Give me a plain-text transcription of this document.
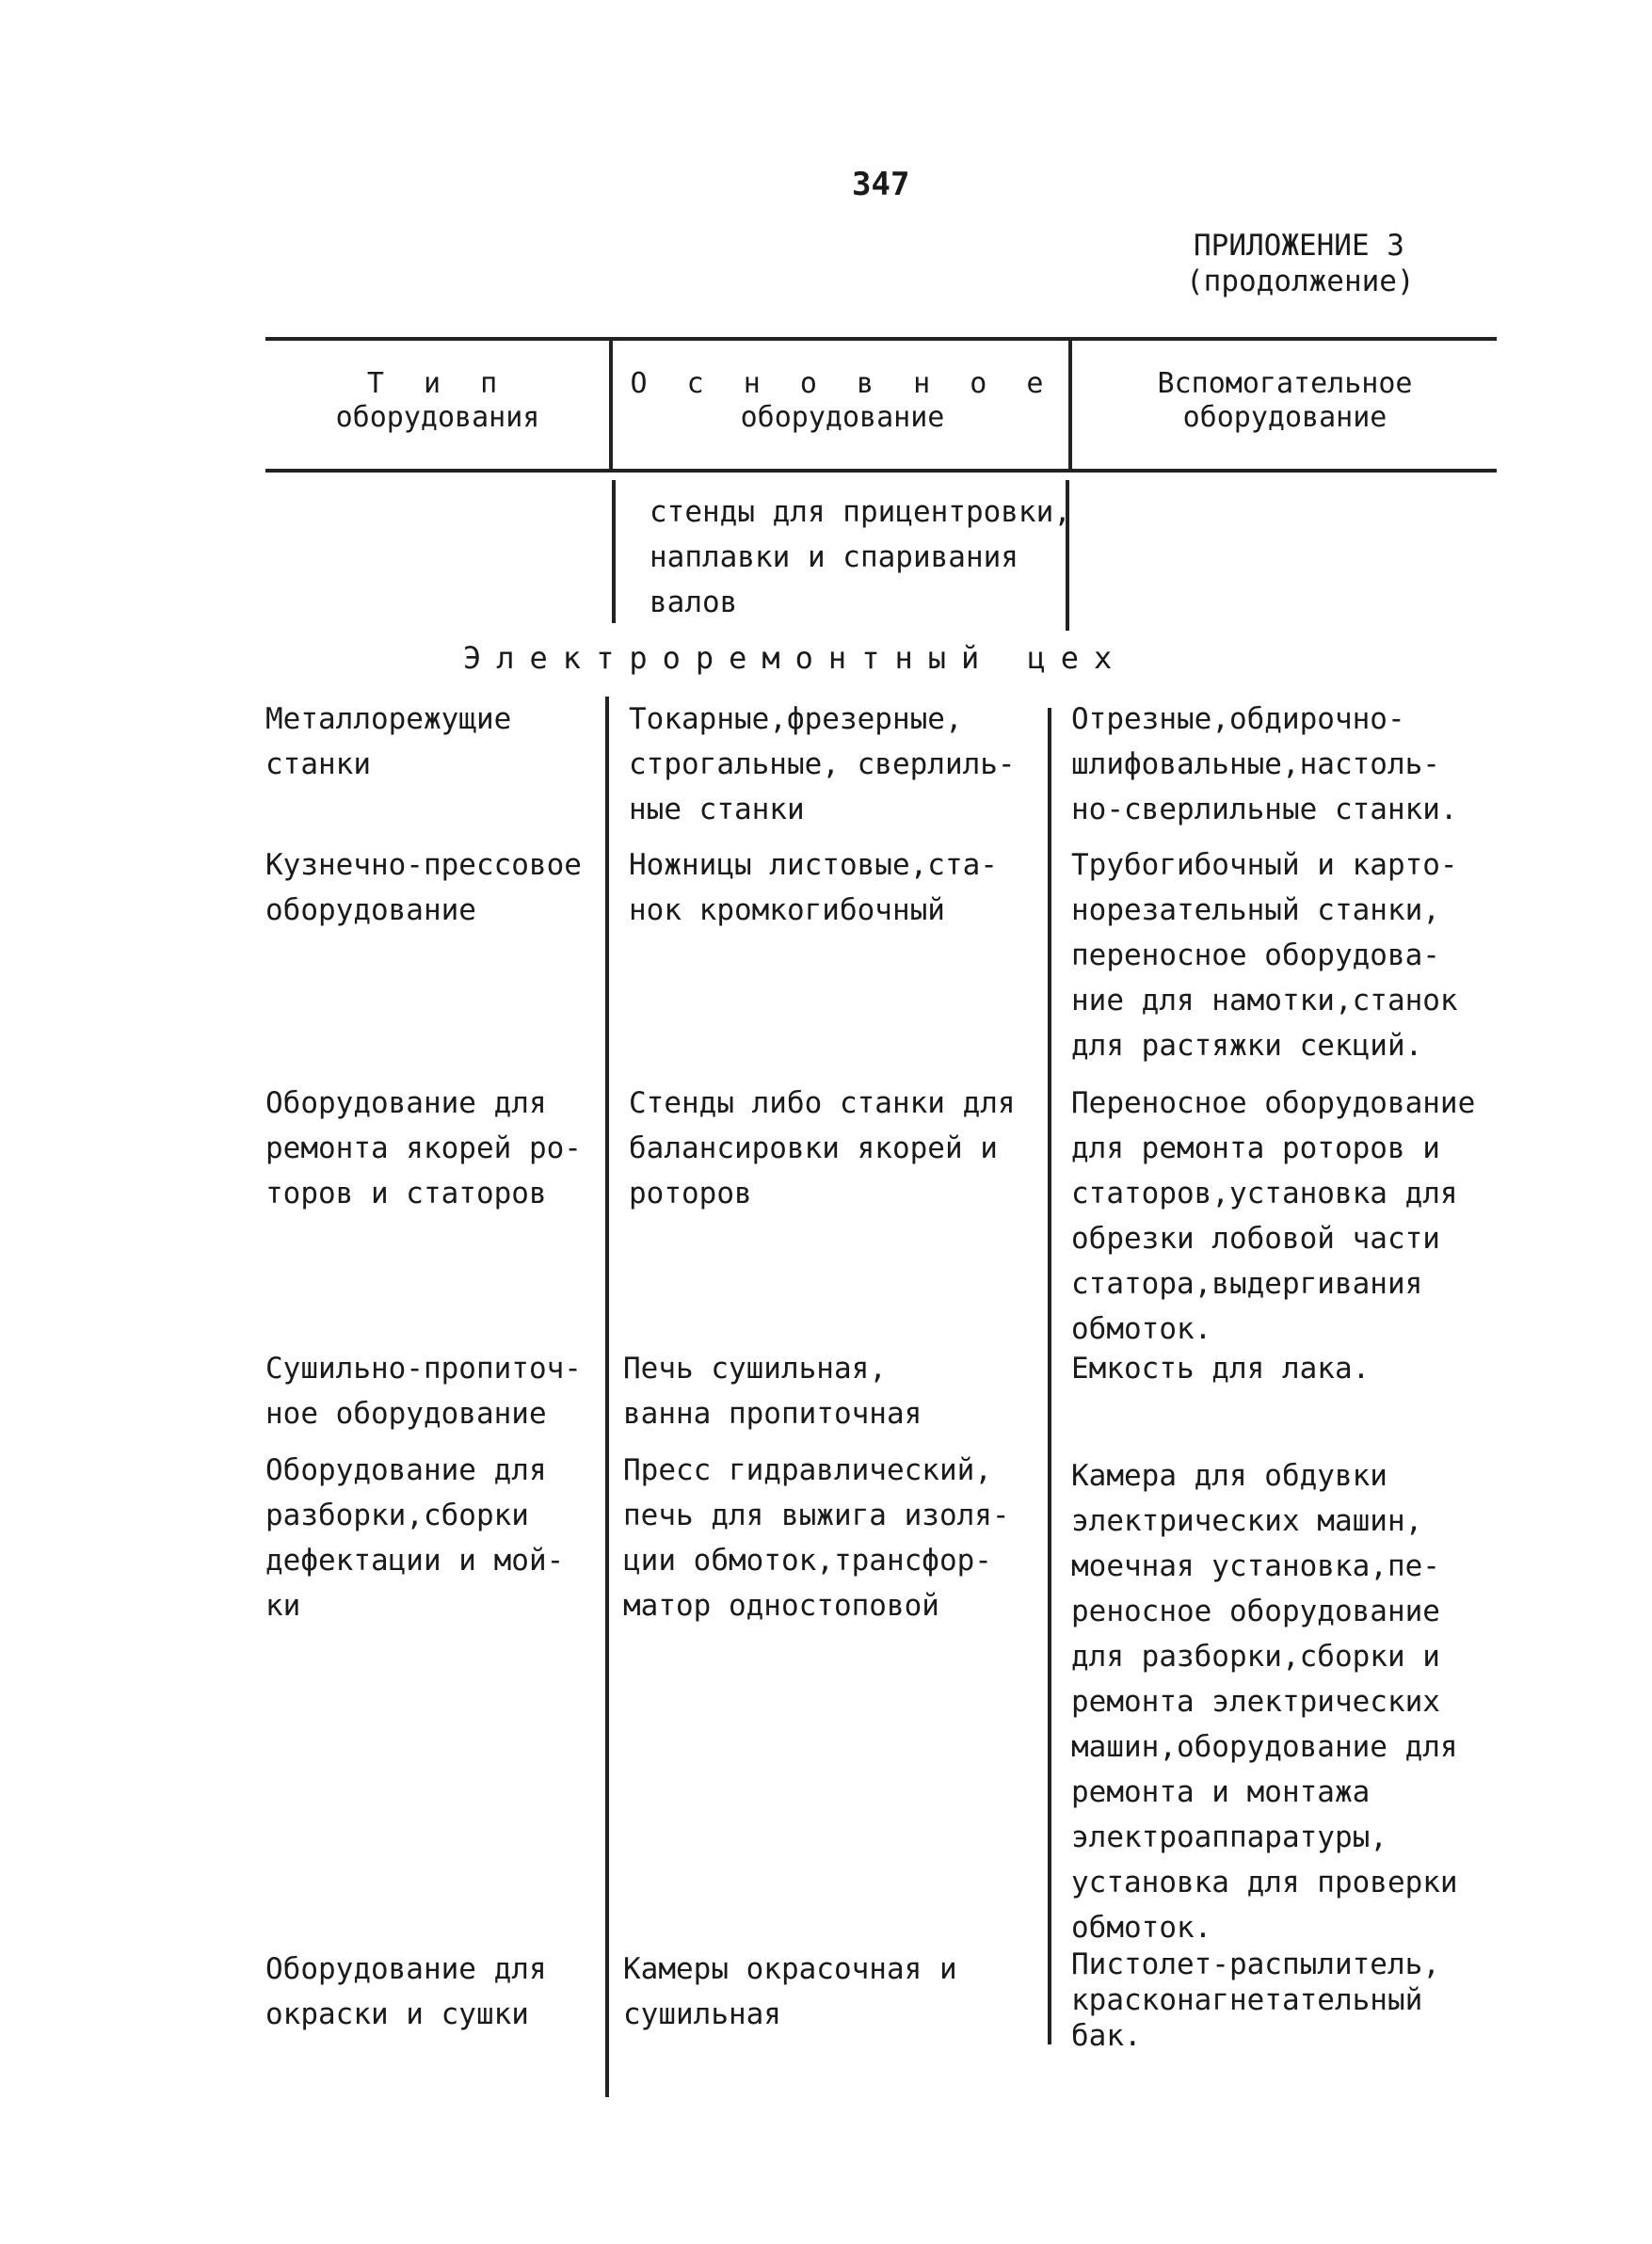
347
ПРИЛОЖЕНИЕ 3
(продолжение)
Т и п
оборудования
О с н о в н о е
оборудование
Вспомогательное
оборудование
стенды для прицентровки,
наплавки и спаривания
валов
Электроремонтный цех
Металлорежущие
станки
Токарные,фрезерные,
строгальные, сверлиль-
ные станки
Отрезные,обдирочно-
шлифовальные,настоль-
но-сверлильные станки.
Кузнечно-прессовое
оборудование
Ножницы листовые,ста-
нок кромкогибочный
Трубогибочный и карто-
норезательный станки,
переносное оборудова-
ние для намотки,станок
для растяжки секций.
Оборудование для
ремонта якорей ро-
торов и статоров
Стенды либо станки для
балансировки якорей и
роторов
Переносное оборудование
для ремонта роторов и
статоров,установка для
обрезки лобовой части
статора,выдергивания
обмоток.
Сушильно-пропиточ-
ное оборудование
Печь сушильная,
ванна пропиточная
Емкость для лака.
Оборудование для
разборки,сборки
дефектации и мой-
ки
Пресс гидравлический,
печь для выжига изоля-
ции обмоток,трансфор-
матор одностоповой
Камера для обдувки
электрических машин,
моечная установка,пе-
реносное оборудование
для разборки,сборки и
ремонта электрических
машин,оборудование для
ремонта и монтажа
электроаппаратуры,
установка для проверки
обмоток.
Оборудование для
окраски и сушки
Камеры окрасочная и
сушильная
Пистолет-распылитель,
красконагнетательный
бак.
